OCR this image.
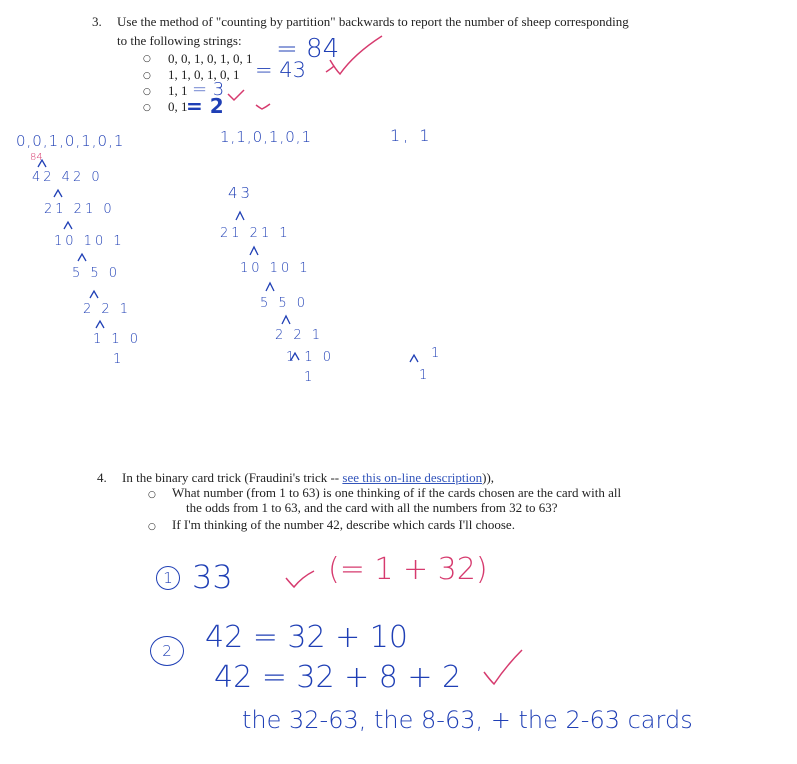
3. Use the method of "counting by partition" backwards to report the number of sheep corresponding
to the following strings:
○ 0, 0, 1, 0, 1, 0, 1 = 84
○ 1, 1, 0, 1, 0, 1 = 43
○ 1, 1 = 3
○ 0, 1
= 2
0,0,1,0,1,0,1
84
42 42 0
21 21 0
10 10 1
5 5 0
2 2 1
1 1 0
1
1,1,0,1,0,1
43
21 21 1
10 10 1
5 5 0
2 2 1
1 1 0
1
1, 1
1
1
4. In the binary card trick (Fraudini's trick -- see this on-line description)),
○ What number (from 1 to 63) is one thinking of if the cards chosen are the card with all
the odds from 1 to 63, and the card with all the numbers from 32 to 63?
○ If I'm thinking of the number 42, describe which cards I'll choose.
1 33	(= 1 + 32)
2	42 = 32 + 10
42 = 32 + 8 + 2
the 32-63, the 8-63, + the 2-63 cards
